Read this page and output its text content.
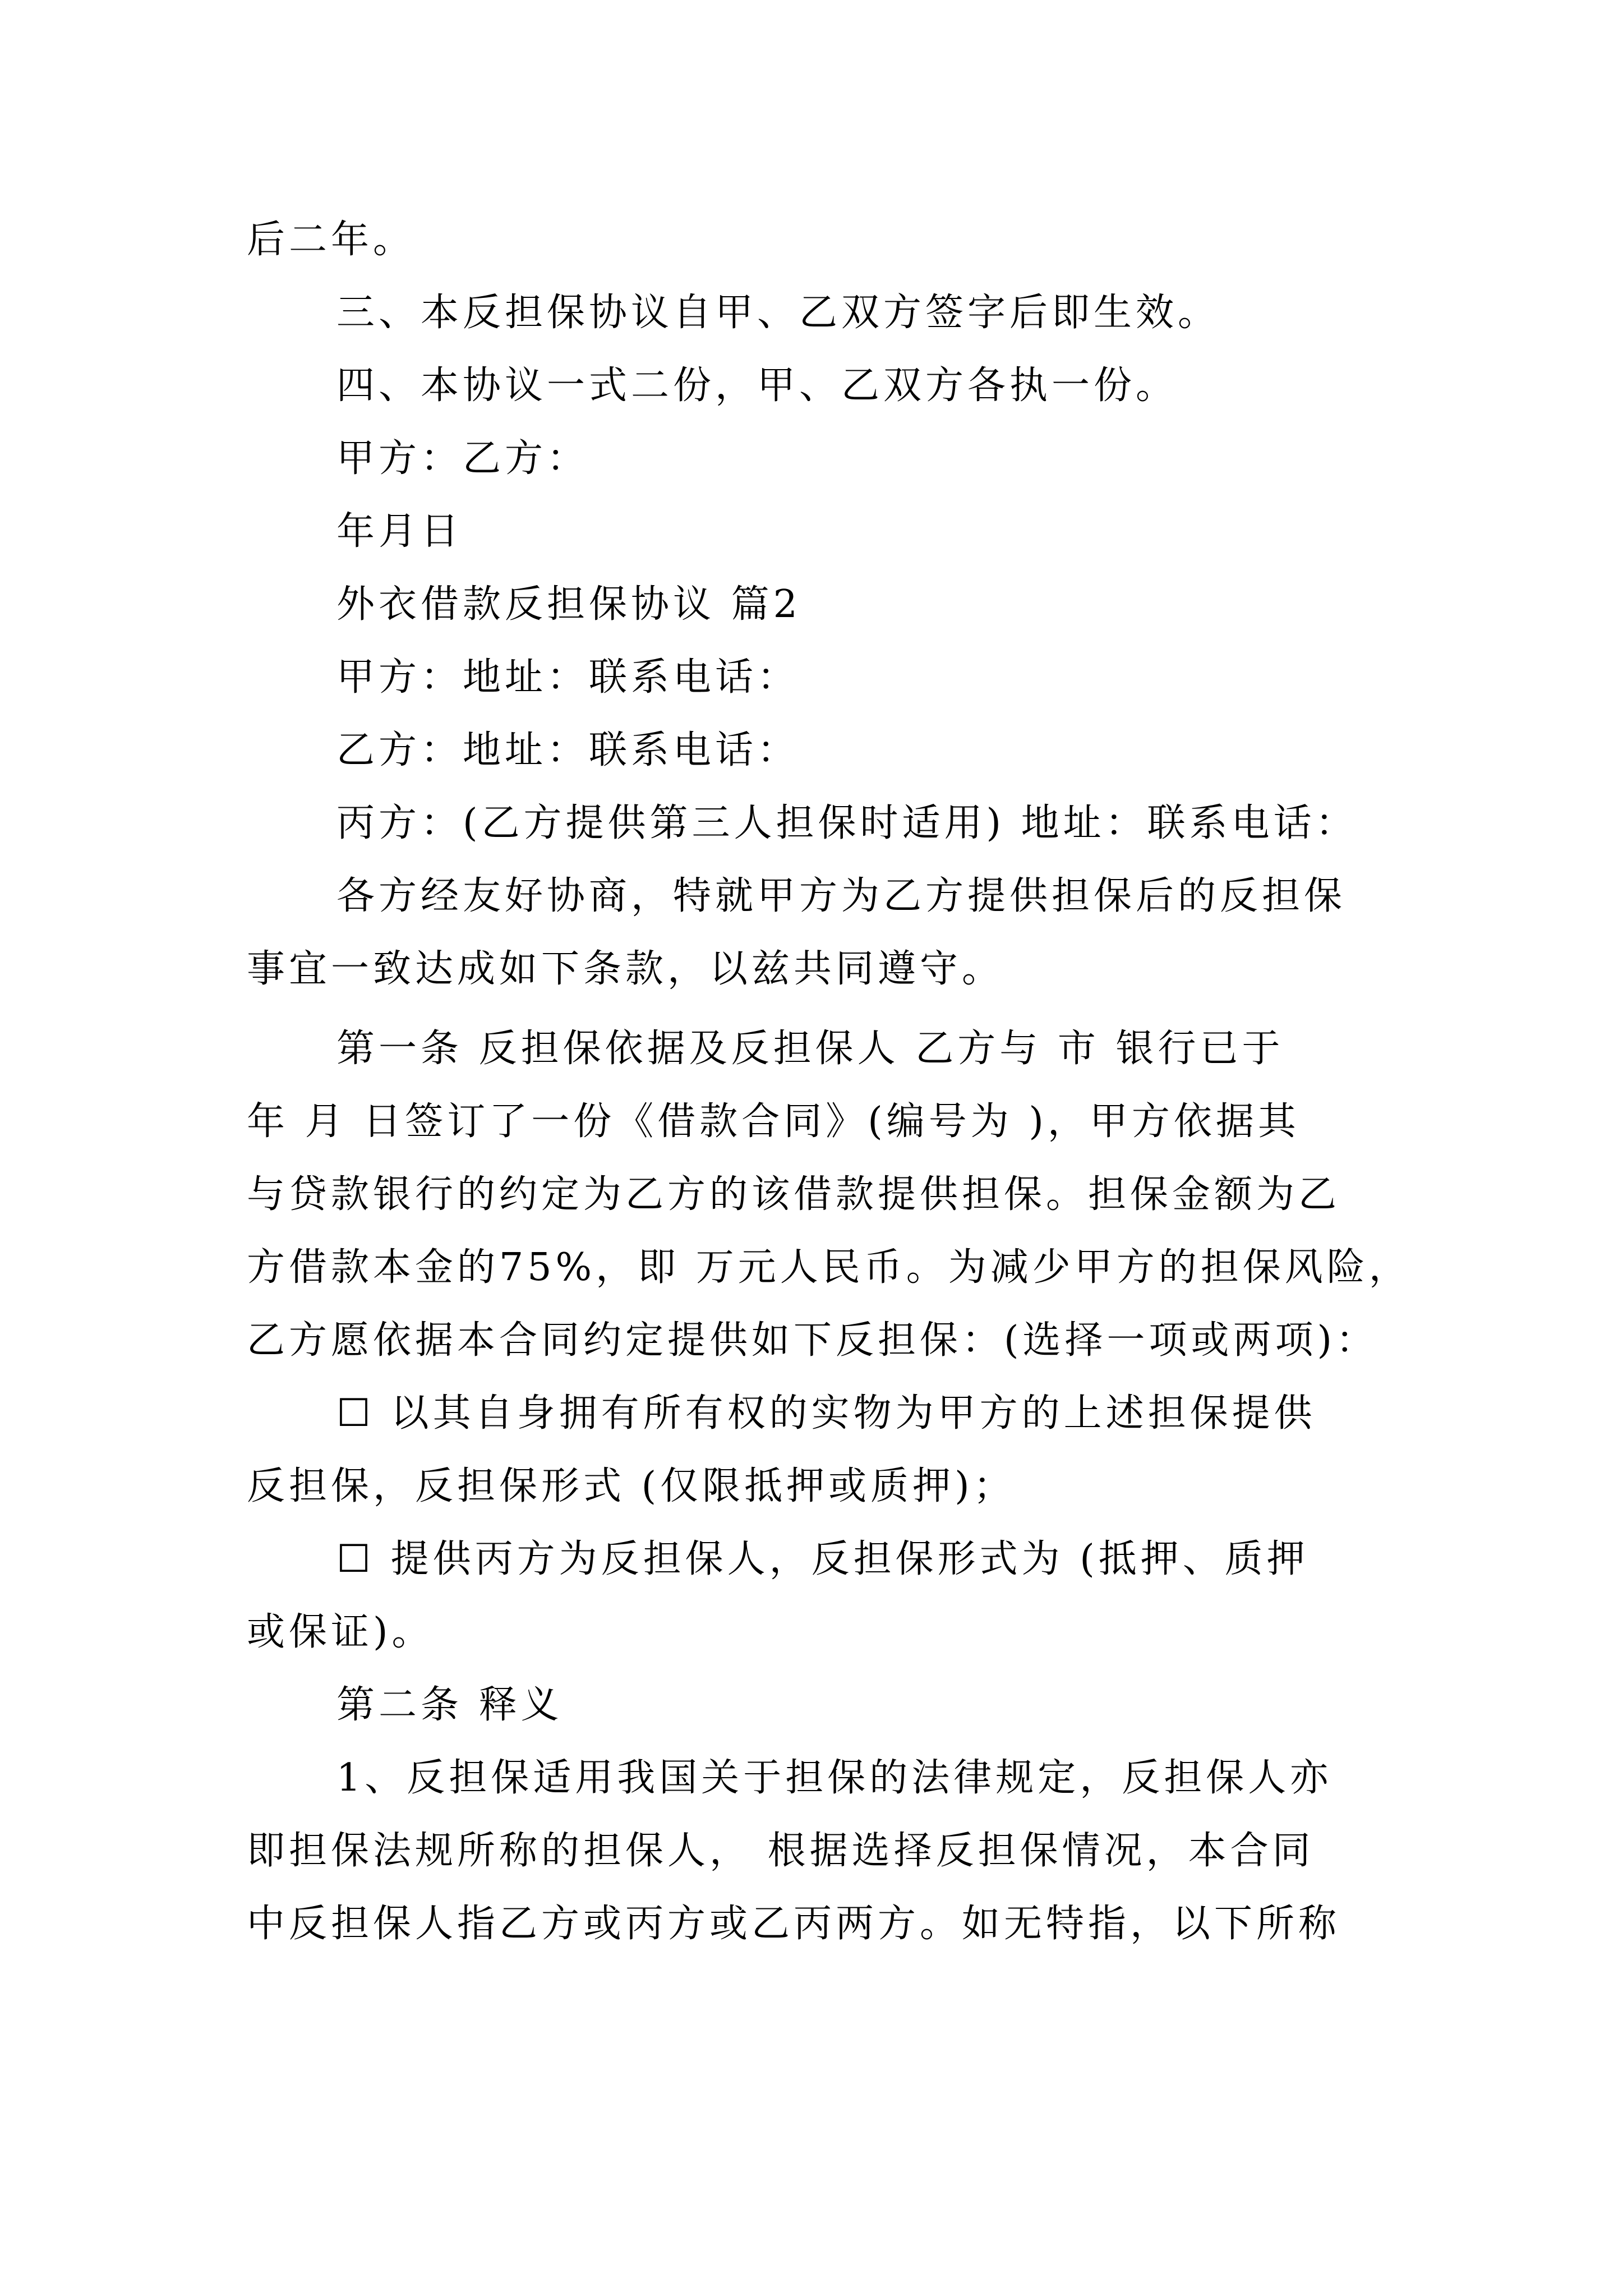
后二年。
三、本反担保协议自甲、乙双方签字后即生效。
四、本协议一式二份，甲、乙双方各执一份。
甲方：乙方：
年月日
外衣借款反担保协议 篇2
甲方：地址：联系电话：
乙方：地址：联系电话：
丙方：(乙方提供第三人担保时适用) 地址：联系电话：
各方经友好协商，特就甲方为乙方提供担保后的反担保
事宜一致达成如下条款，以兹共同遵守。
第一条 反担保依据及反担保人 乙方与 市 银行已于
年 月 日签订了一份《借款合同》(编号为 )，甲方依据其
与贷款银行的约定为乙方的该借款提供担保。担保金额为乙
方借款本金的75%，即 万元人民币。为减少甲方的担保风险，
乙方愿依据本合同约定提供如下反担保：(选择一项或两项)：
☐ 以其自身拥有所有权的实物为甲方的上述担保提供
反担保，反担保形式 (仅限抵押或质押)；
☐ 提供丙方为反担保人，反担保形式为 (抵押、质押
或保证)。
第二条 释义
1、反担保适用我国关于担保的法律规定，反担保人亦
即担保法规所称的担保人， 根据选择反担保情况，本合同
中反担保人指乙方或丙方或乙丙两方。如无特指，以下所称
